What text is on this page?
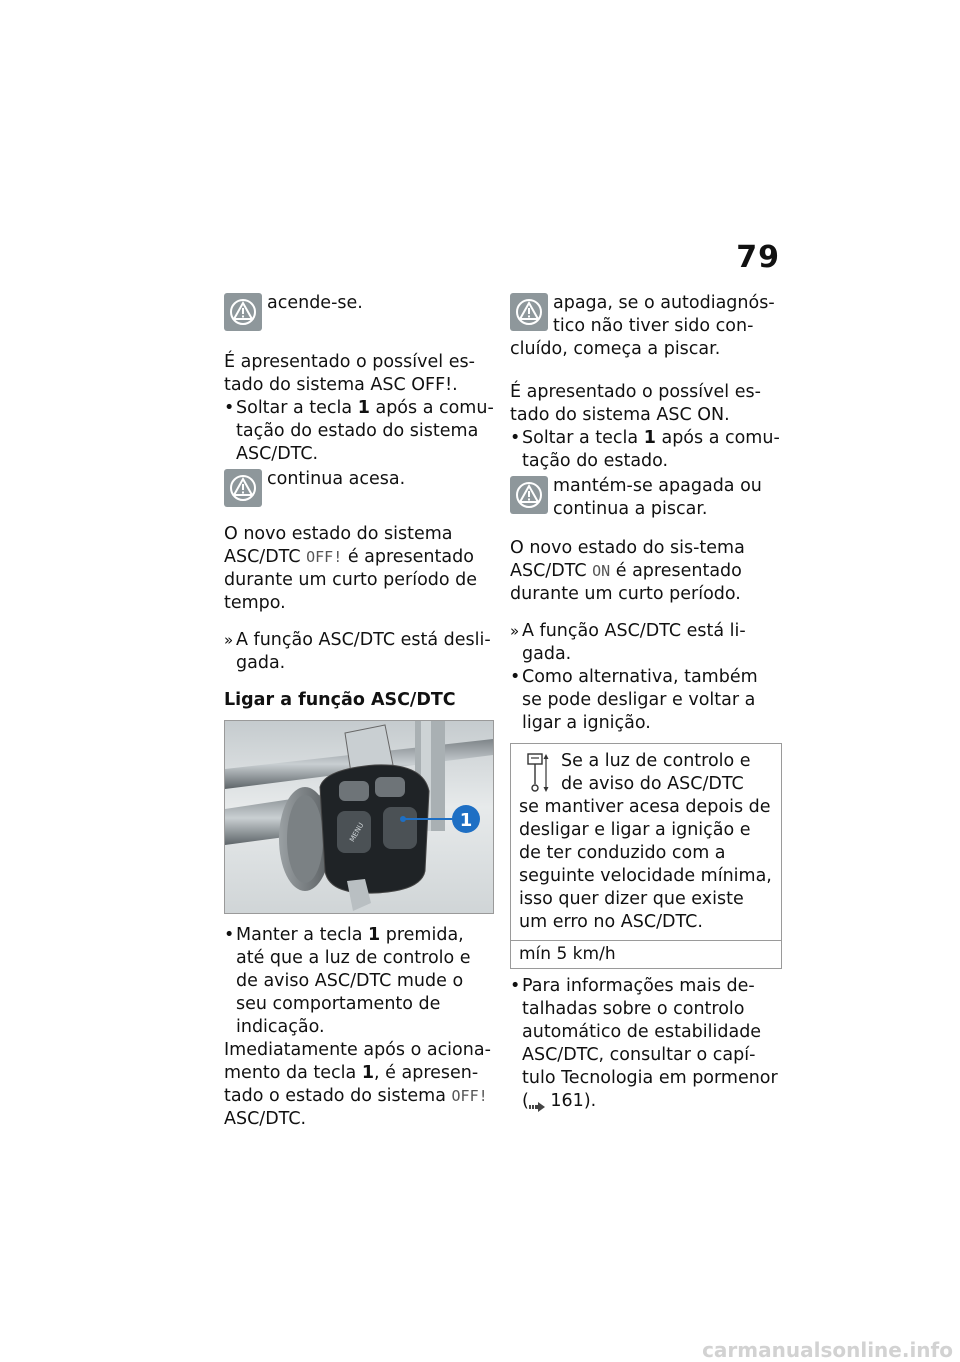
79

acende-se.

É apresentado o possível es-tado do sistema ASC OFF!.

• Soltar a tecla 1 após a comu-tação do estado do sistema ASC/DTC.

continua acesa.

O novo estado do sistema ASC/DTC OFF! é apresentado durante um curto período de tempo.

» A função ASC/DTC está desli-gada.

Ligar a função ASC/DTC
MENU
1

• Manter a tecla 1 premida, até que a luz de controlo e de aviso ASC/DTC mude o seu comportamento de indicação.

Imediatamente após o aciona-mento da tecla 1, é apresen-tado o estado do sistema OFF! ASC/DTC.

apaga, se o autodiagnós-tico não tiver sido con-cluído, começa a piscar.

É apresentado o possível es-tado do sistema ASC ON.

• Soltar a tecla 1 após a comu-tação do estado.

mantém-se apagada ou continua a piscar.

O novo estado do sis-tema ASC/DTC ON é apresentado durante um curto período.

» A função ASC/DTC está li-gada.

• Como alternativa, também se pode desligar e voltar a ligar a ignição.

Se a luz de controlo e de aviso do ASC/DTC

se mantiver acesa depois de desligar e ligar a ignição e de ter conduzido com a seguinte velocidade mínima, isso quer dizer que existe um erro no ASC/DTC.

mín 5 km/h

• Para informações mais de-talhadas sobre o controlo automático de estabilidade ASC/DTC, consultar o capí-tulo Tecnologia em pormenor ( 161).

carmanualsonline.info
